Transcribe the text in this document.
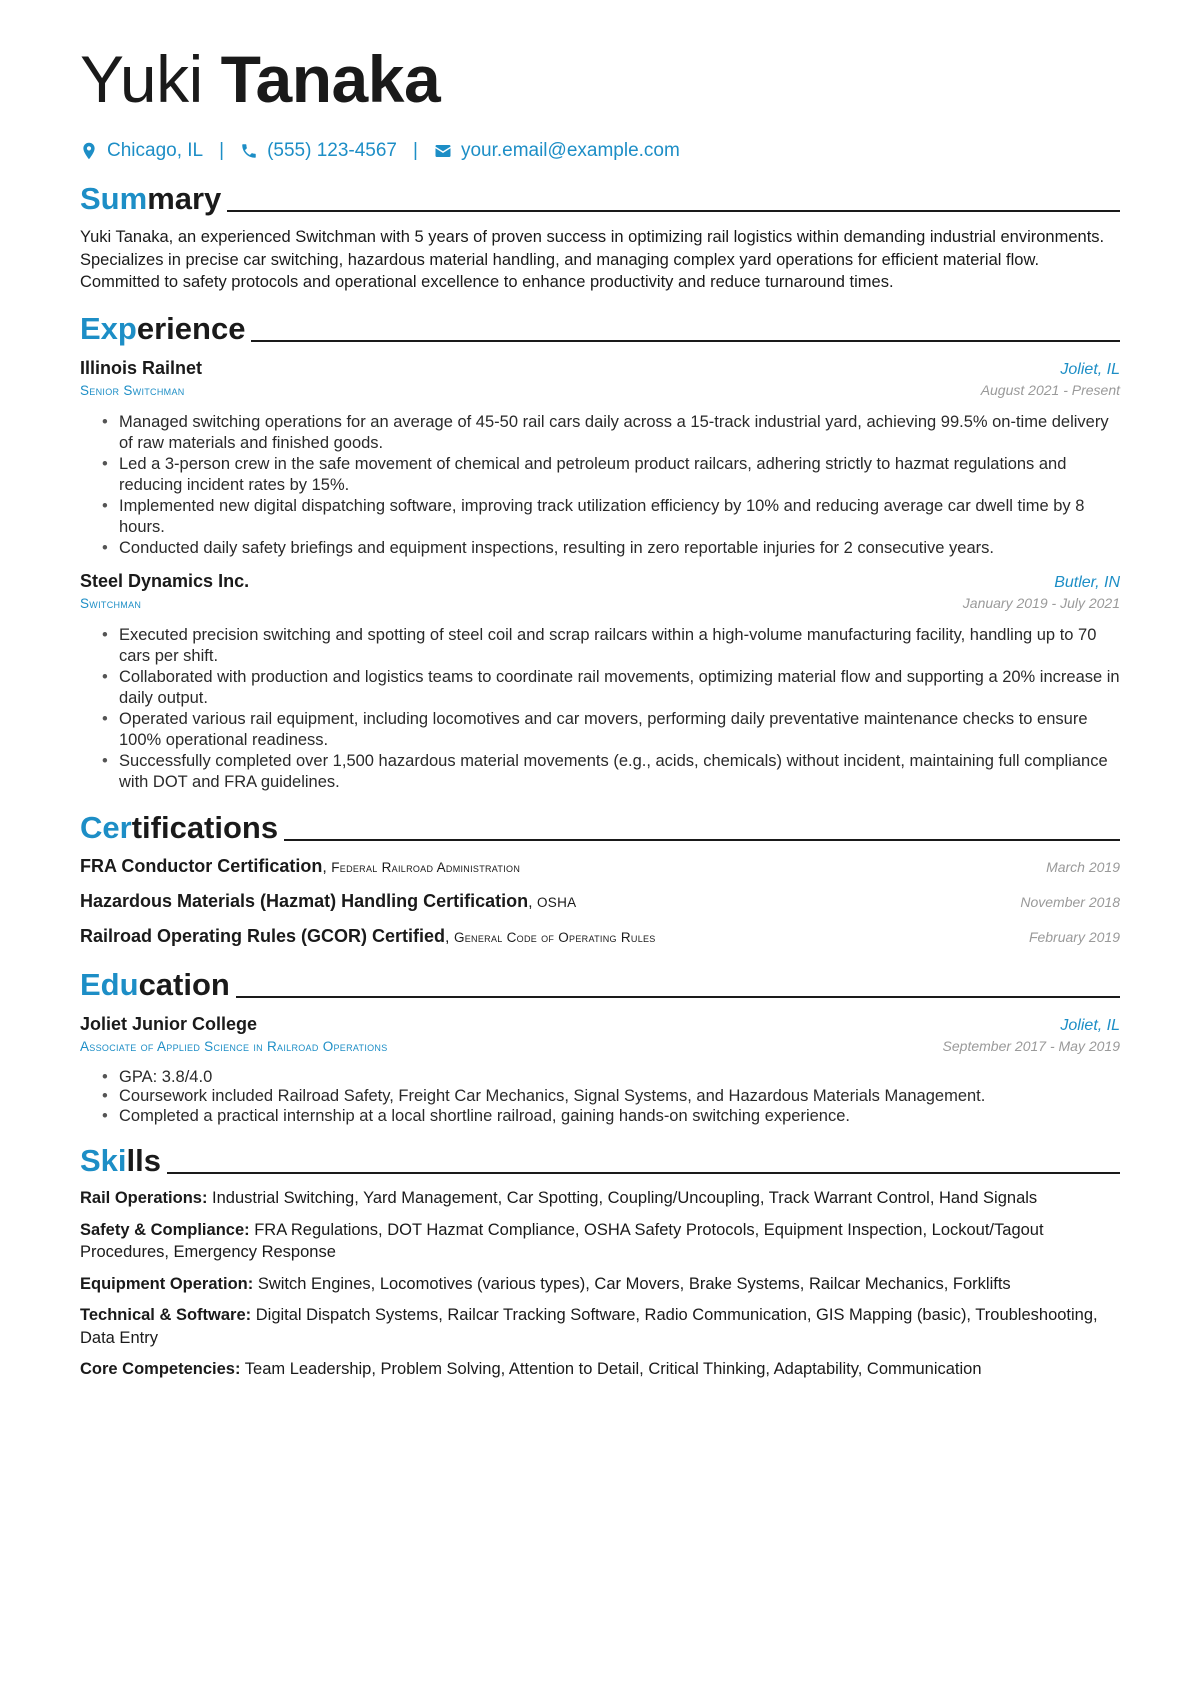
Yuki Tanaka
Chicago, IL | (555) 123-4567 | your.email@example.com
Summary
Yuki Tanaka, an experienced Switchman with 5 years of proven success in optimizing rail logistics within demanding industrial environments. Specializes in precise car switching, hazardous material handling, and managing complex yard operations for efficient material flow. Committed to safety protocols and operational excellence to enhance productivity and reduce turnaround times.
Experience
Illinois Railnet	Joliet, IL
Senior Switchman	August 2021 - Present
• Managed switching operations for an average of 45-50 rail cars daily across a 15-track industrial yard, achieving 99.5% on-time delivery of raw materials and finished goods.
• Led a 3-person crew in the safe movement of chemical and petroleum product railcars, adhering strictly to hazmat regulations and reducing incident rates by 15%.
• Implemented new digital dispatching software, improving track utilization efficiency by 10% and reducing average car dwell time by 8 hours.
• Conducted daily safety briefings and equipment inspections, resulting in zero reportable injuries for 2 consecutive years.
Steel Dynamics Inc.	Butler, IN
Switchman	January 2019 - July 2021
• Executed precision switching and spotting of steel coil and scrap railcars within a high-volume manufacturing facility, handling up to 70 cars per shift.
• Collaborated with production and logistics teams to coordinate rail movements, optimizing material flow and supporting a 20% increase in daily output.
• Operated various rail equipment, including locomotives and car movers, performing daily preventative maintenance checks to ensure 100% operational readiness.
• Successfully completed over 1,500 hazardous material movements (e.g., acids, chemicals) without incident, maintaining full compliance with DOT and FRA guidelines.
Certifications
FRA Conductor Certification, Federal Railroad Administration	March 2019
Hazardous Materials (Hazmat) Handling Certification, OSHA	November 2018
Railroad Operating Rules (GCOR) Certified, General Code of Operating Rules	February 2019
Education
Joliet Junior College	Joliet, IL
Associate of Applied Science in Railroad Operations	September 2017 - May 2019
• GPA: 3.8/4.0
• Coursework included Railroad Safety, Freight Car Mechanics, Signal Systems, and Hazardous Materials Management.
• Completed a practical internship at a local shortline railroad, gaining hands-on switching experience.
Skills
Rail Operations: Industrial Switching, Yard Management, Car Spotting, Coupling/Uncoupling, Track Warrant Control, Hand Signals
Safety & Compliance: FRA Regulations, DOT Hazmat Compliance, OSHA Safety Protocols, Equipment Inspection, Lockout/Tagout Procedures, Emergency Response
Equipment Operation: Switch Engines, Locomotives (various types), Car Movers, Brake Systems, Railcar Mechanics, Forklifts
Technical & Software: Digital Dispatch Systems, Railcar Tracking Software, Radio Communication, GIS Mapping (basic), Troubleshooting, Data Entry
Core Competencies: Team Leadership, Problem Solving, Attention to Detail, Critical Thinking, Adaptability, Communication
